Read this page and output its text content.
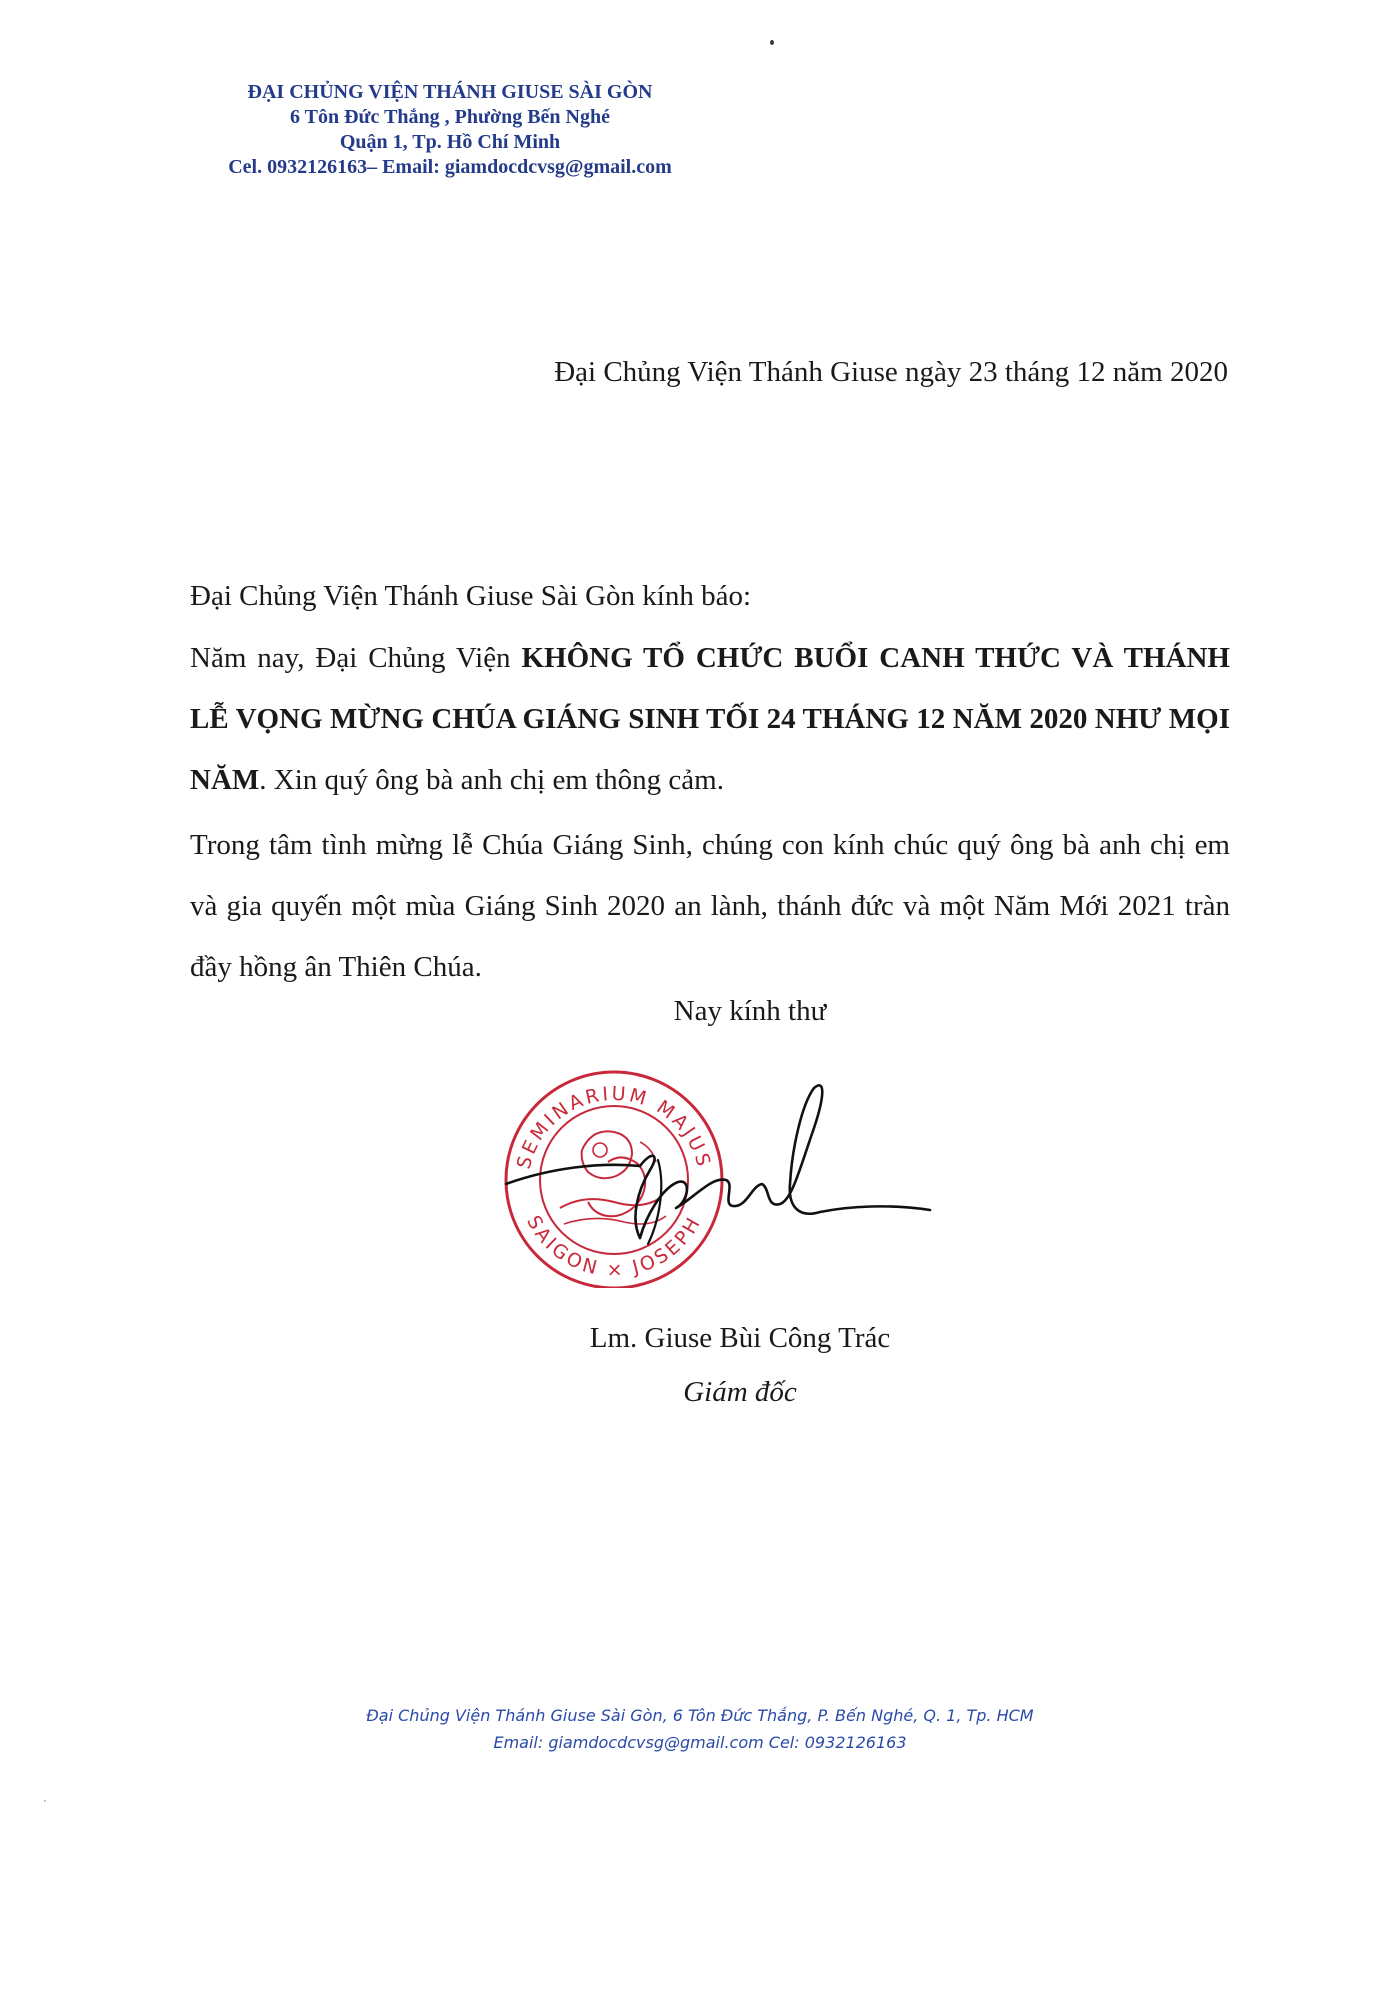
ĐẠI CHỦNG VIỆN THÁNH GIUSE SÀI GÒN
6 Tôn Đức Thắng , Phường Bến Nghé
Quận 1, Tp. Hồ Chí Minh
Cel. 0932126163– Email: giamdocdcvsg@gmail.com
Đại Chủng Viện Thánh Giuse ngày 23 tháng 12 năm 2020

Đại Chủng Viện Thánh Giuse Sài Gòn kính báo:

Năm nay, Đại Chủng Viện KHÔNG TỔ CHỨC BUỔI CANH THỨC VÀ THÁNH LỄ VỌNG MỪNG CHÚA GIÁNG SINH TỐI 24 THÁNG 12 NĂM 2020 NHƯ MỌI NĂM. Xin quý ông bà anh chị em thông cảm.

Trong tâm tình mừng lễ Chúa Giáng Sinh, chúng con kính chúc quý ông bà anh chị em và gia quyến một mùa Giáng Sinh 2020 an lành, thánh đức và một Năm Mới 2021 tràn đầy hồng ân Thiên Chúa.

Nay kính thư
SEMINARIUM MAJUS
SAIGON × JOSEPH
Lm. Giuse Bùi Công Trác
Giám đốc
Đại Chủng Viện Thánh Giuse Sài Gòn, 6 Tôn Đức Thắng, P. Bến Nghé, Q. 1, Tp. HCM
Email: giamdocdcvsg@gmail.com Cel: 0932126163
